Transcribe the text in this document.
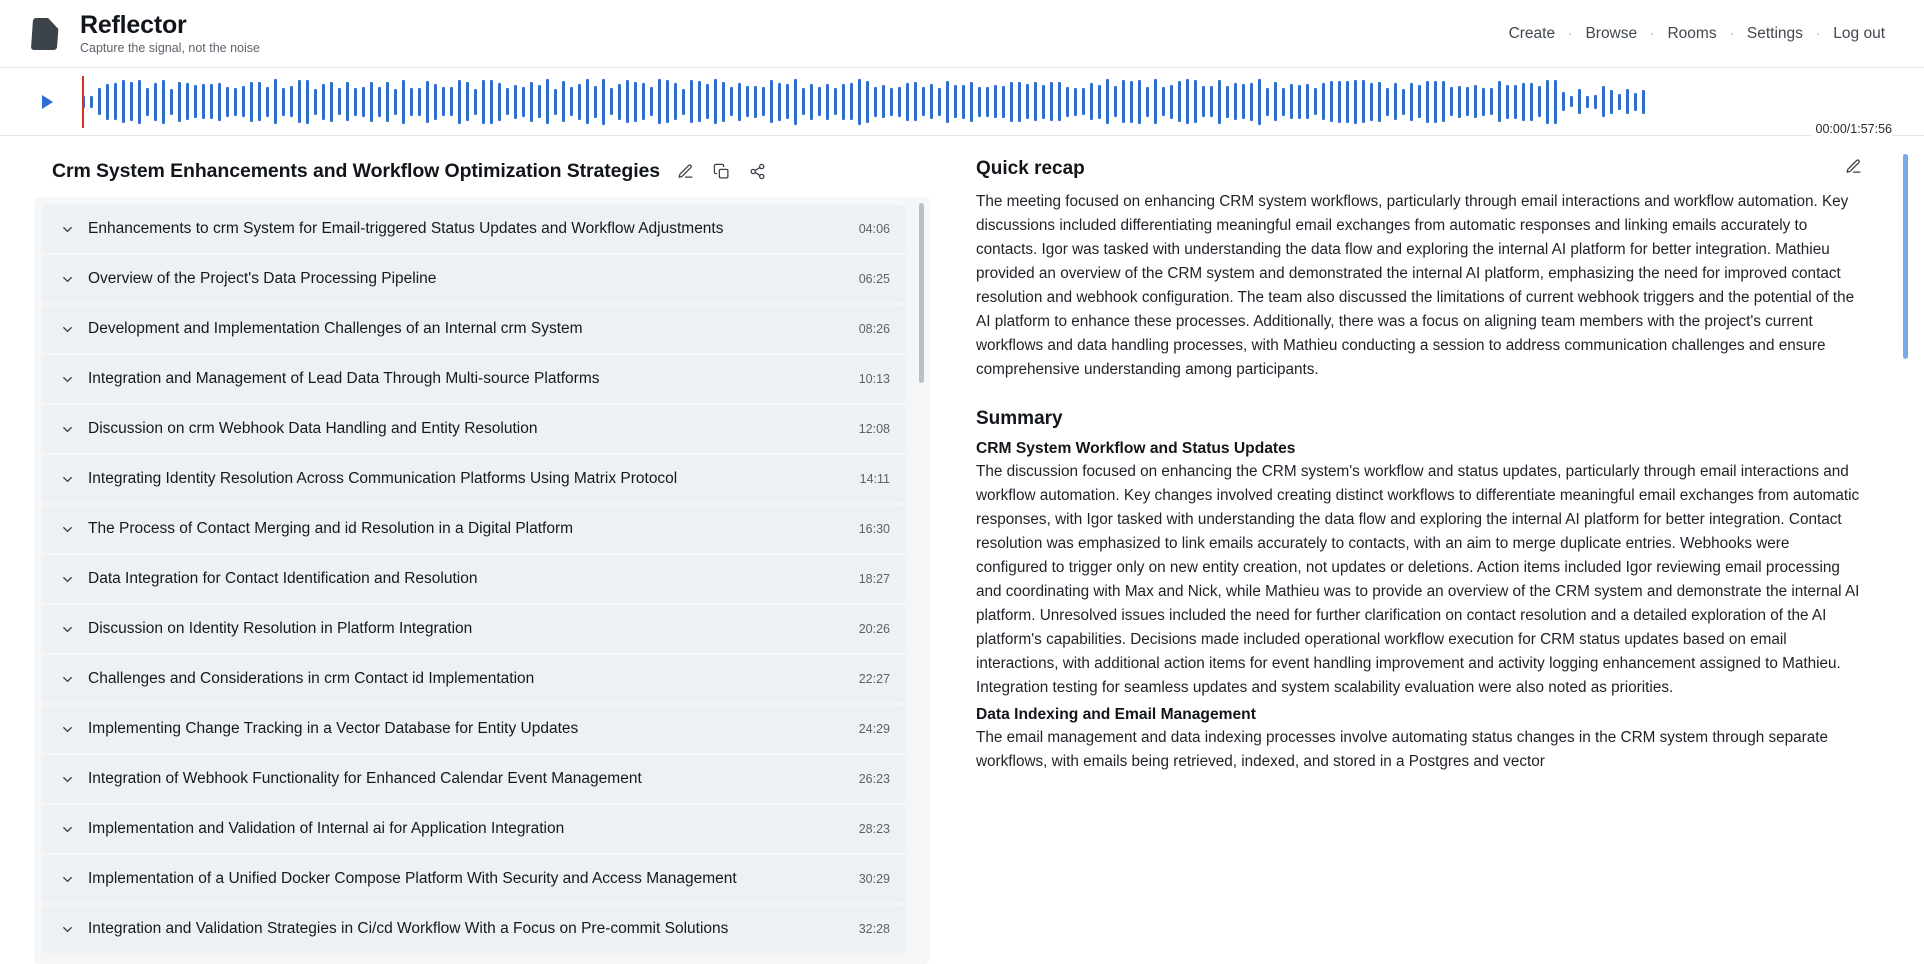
Reflector
Capture the signal, not the noise
Create	· Browse	· Rooms	· Settings	· Log out
00:00/1:57:56
Crm System Enhancements and Workflow Optimization Strategies
Enhancements to crm System for Email-triggered Status Updates and Workflow Adjustments	04:06
Overview of the Project's Data Processing Pipeline	06:25
Development and Implementation Challenges of an Internal crm System	08:26
Integration and Management of Lead Data Through Multi-source Platforms	10:13
Discussion on crm Webhook Data Handling and Entity Resolution	12:08
Integrating Identity Resolution Across Communication Platforms Using Matrix Protocol	14:11
The Process of Contact Merging and id Resolution in a Digital Platform	16:30
Data Integration for Contact Identification and Resolution	18:27
Discussion on Identity Resolution in Platform Integration	20:26
Challenges and Considerations in crm Contact id Implementation	22:27
Implementing Change Tracking in a Vector Database for Entity Updates	24:29
Integration of Webhook Functionality for Enhanced Calendar Event Management	26:23
Implementation and Validation of Internal ai for Application Integration	28:23
Implementation of a Unified Docker Compose Platform With Security and Access Management	30:29
Integration and Validation Strategies in Ci/cd Workflow With a Focus on Pre-commit Solutions	32:28
Quick recap

The meeting focused on enhancing CRM system workflows, particularly through email interactions and workflow automation. Key discussions included differentiating meaningful email exchanges from automatic responses and linking emails accurately to contacts. Igor was tasked with understanding the data flow and exploring the internal AI platform for better integration. Mathieu provided an overview of the CRM system and demonstrated the internal AI platform, emphasizing the need for improved contact resolution and webhook configuration. The team also discussed the limitations of current webhook triggers and the potential of the AI platform to enhance these processes. Additionally, there was a focus on aligning team members with the project's current workflows and data handling processes, with Mathieu conducting a session to address communication challenges and ensure comprehensive understanding among participants.

Summary
CRM System Workflow and Status Updates

The discussion focused on enhancing the CRM system's workflow and status updates, particularly through email interactions and workflow automation. Key changes involved creating distinct workflows to differentiate meaningful email exchanges from automatic responses, with Igor tasked with understanding the data flow and exploring the internal AI platform for better integration. Contact resolution was emphasized to link emails accurately to contacts, with an aim to merge duplicate entries. Webhooks were configured to trigger only on new entity creation, not updates or deletions. Action items included Igor reviewing email processing and coordinating with Max and Nick, while Mathieu was to provide an overview of the CRM system and demonstrate the internal AI platform. Unresolved issues included the need for further clarification on contact resolution and a detailed exploration of the AI platform's capabilities. Decisions made included operational workflow execution for CRM status updates based on email interactions, with additional action items for event handling improvement and activity logging enhancement assigned to Mathieu. Integration testing for seamless updates and system scalability evaluation were also noted as priorities.

Data Indexing and Email Management

The email management and data indexing processes involve automating status changes in the CRM system through separate workflows, with emails being retrieved, indexed, and stored in a Postgres and vector
